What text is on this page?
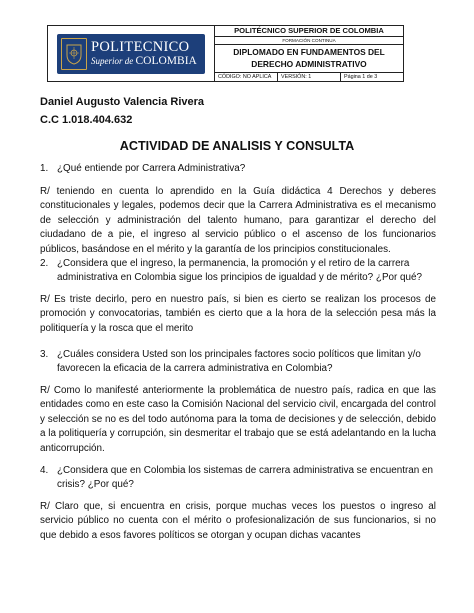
POLITECNICO
Superior de COLOMBIA
POLITÉCNICO SUPERIOR DE COLOMBIA
FORMACIÓN CONTINUA
DIPLOMADO EN FUNDAMENTOS DEL
DERECHO ADMINISTRATIVO
CÓDIGO: NO APLICA	VERSIÓN: 1	Página 1 de 3
Daniel Augusto Valencia Rivera
C.C 1.018.404.632
ACTIVIDAD DE ANALISIS Y CONSULTA
1. ¿Qué entiende por Carrera Administrativa?
R/ teniendo en cuenta lo aprendido en la Guía didáctica 4 Derechos y deberes constitucionales y legales, podemos decir que la Carrera Administrativa es el mecanismo de selección y administración del talento humano, para garantizar el derecho del ciudadano de a pie, el ingreso al servicio público o el ascenso de los funcionarios públicos, basándose en el mérito y la garantía de los principios constitucionales.
2. ¿Considera que el ingreso, la permanencia, la promoción y el retiro de la carrera administrativa en Colombia sigue los principios de igualdad y de mérito? ¿Por qué?
R/ Es triste decirlo, pero en nuestro país, si bien es cierto se realizan los procesos de promoción y convocatorias, también es cierto que a la hora de la selección pesa más la politiquería y la rosca que el merito
3. ¿Cuáles considera Usted son los principales factores socio políticos que limitan y/o favorecen la eficacia de la carrera administrativa en Colombia?
R/ Como lo manifesté anteriormente la problemática de nuestro país, radica en que las entidades como en este caso la Comisión Nacional del servicio civil, encargada del control y selección se no es del todo autónoma para la toma de decisiones y de selección, debido a la politiquería y corrupción, sin desmeritar el trabajo que se está adelantando en la lucha anticorrupción.
4. ¿Considera que en Colombia los sistemas de carrera administrativa se encuentran en crisis? ¿Por qué?
R/ Claro que, si encuentra en crisis, porque muchas veces los puestos o ingreso al servicio público no cuenta con el mérito o profesionalización de sus funcionarios, si no que debido a esos favores políticos se otorgan y ocupan dichas vacantes
